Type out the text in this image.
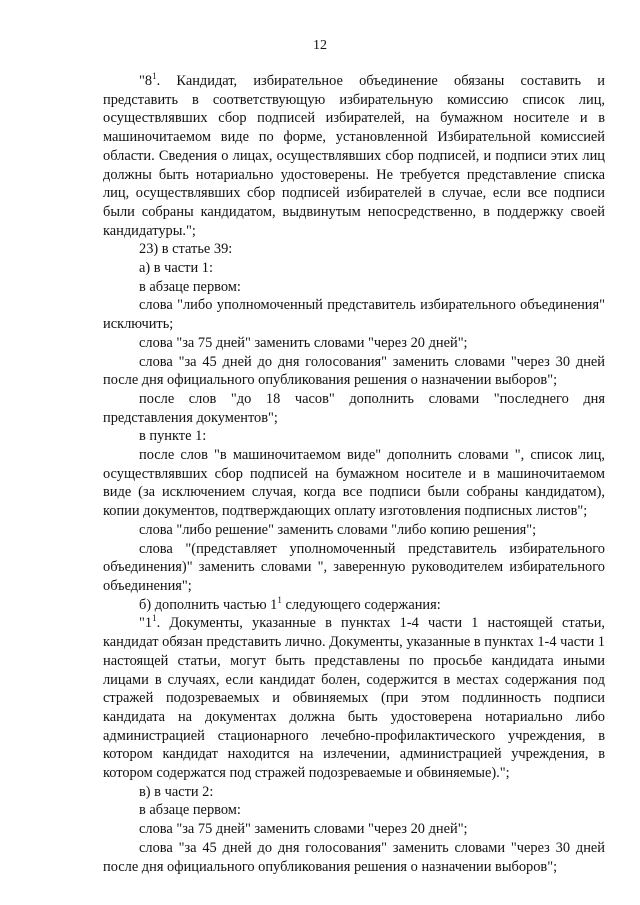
12

"$8^1$. Кандидат, избирательное объединение обязаны составить и представить в соответствующую избирательную комиссию список лиц, осуществлявших сбор подписей избирателей, на бумажном носителе и в машиночитаемом виде по форме, установленной Избирательной комиссией области. Сведения о лицах, осуществлявших сбор подписей, и подписи этих лиц должны быть нотариально удостоверены. Не требуется представление списка лиц, осуществлявших сбор подписей избирателей в случае, если все подписи были собраны кандидатом, выдвинутым непосредственно, в поддержку своей кандидатуры.";

23) в статье 39:

а) в части 1:

в абзаце первом:

слова "либо уполномоченный представитель избирательного объединения" исключить;

слова "за 75 дней" заменить словами "через 20 дней";

слова "за 45 дней до дня голосования" заменить словами "через 30 дней после дня официального опубликования решения о назначении выборов";

после слов "до 18 часов" дополнить словами "последнего дня представления документов";

в пункте 1:

после слов "в машиночитаемом виде" дополнить словами ", список лиц, осуществлявших сбор подписей на бумажном носителе и в машиночитаемом виде (за исключением случая, когда все подписи были собраны кандидатом), копии документов, подтверждающих оплату изготовления подписных листов";

слова "либо решение" заменить словами "либо копию решения";

слова "(представляет уполномоченный представитель избирательного объединения)" заменить словами ", заверенную руководителем избирательного объединения";

б) дополнить частью $1^1$ следующего содержания:

"$1^1$. Документы, указанные в пунктах 1-4 части 1 настоящей статьи, кандидат обязан представить лично. Документы, указанные в пунктах 1-4 части 1 настоящей статьи, могут быть представлены по просьбе кандидата иными лицами в случаях, если кандидат болен, содержится в местах содержания под стражей подозреваемых и обвиняемых (при этом подлинность подписи кандидата на документах должна быть удостоверена нотариально либо администрацией стационарного лечебно-профилактического учреждения, в котором кандидат находится на излечении, администрацией учреждения, в котором содержатся под стражей подозреваемые и обвиняемые).";

в) в части 2:

в абзаце первом:

слова "за 75 дней" заменить словами "через 20 дней";

слова "за 45 дней до дня голосования" заменить словами "через 30 дней после дня официального опубликования решения о назначении выборов";
